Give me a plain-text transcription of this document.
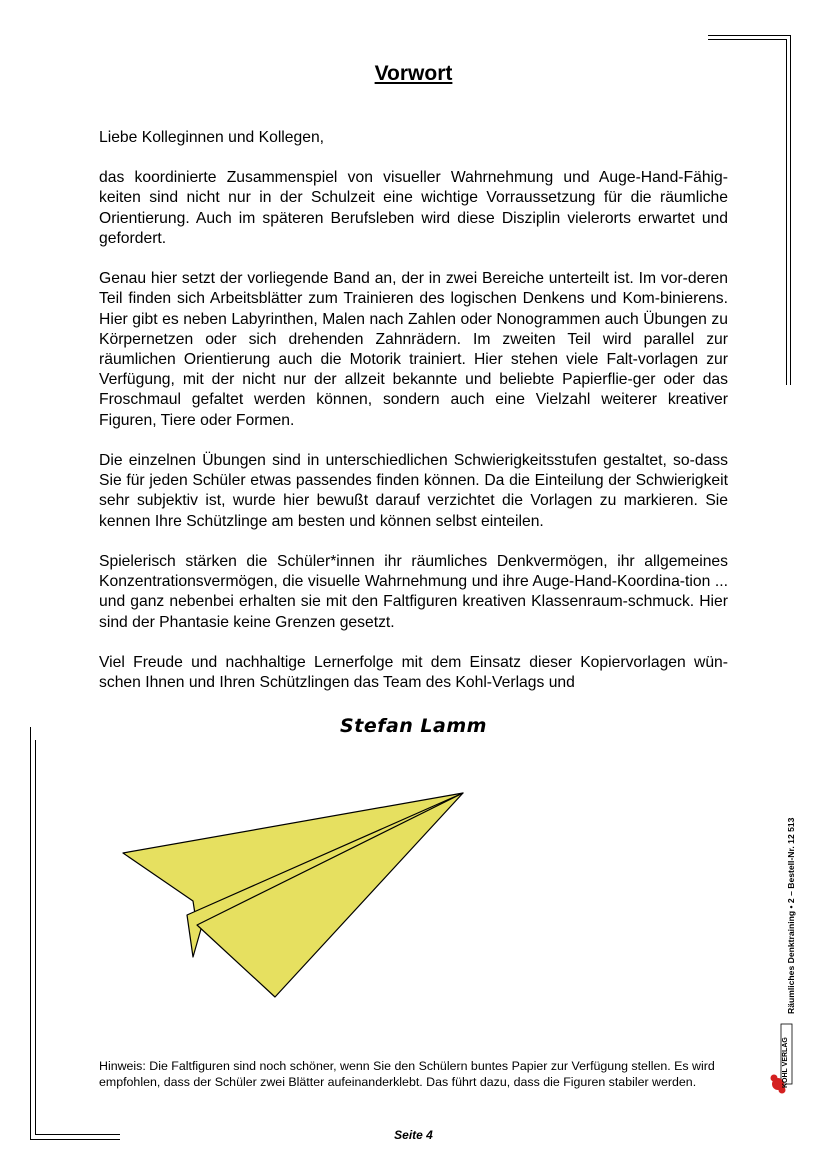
Vorwort

Liebe Kolleginnen und Kollegen,

das koordinierte Zusammenspiel von visueller Wahrnehmung und Auge-Hand-Fähig-keiten sind nicht nur in der Schulzeit eine wichtige Vorraussetzung für die räumliche Orientierung. Auch im späteren Berufsleben wird diese Disziplin vielerorts erwartet und gefordert.

Genau hier setzt der vorliegende Band an, der in zwei Bereiche unterteilt ist. Im vor-deren Teil finden sich Arbeitsblätter zum Trainieren des logischen Denkens und Kom-binierens. Hier gibt es neben Labyrinthen, Malen nach Zahlen oder Nonogrammen auch Übungen zu Körpernetzen oder sich drehenden Zahnrädern. Im zweiten Teil wird parallel zur räumlichen Orientierung auch die Motorik trainiert. Hier stehen viele Falt-vorlagen zur Verfügung, mit der nicht nur der allzeit bekannte und beliebte Papierflie-ger oder das Froschmaul gefaltet werden können, sondern auch eine Vielzahl weiterer kreativer Figuren, Tiere oder Formen.

Die einzelnen Übungen sind in unterschiedlichen Schwierigkeitsstufen gestaltet, so-dass Sie für jeden Schüler etwas passendes finden können. Da die Einteilung der Schwierigkeit sehr subjektiv ist, wurde hier bewußt darauf verzichtet die Vorlagen zu markieren. Sie kennen Ihre Schützlinge am besten und können selbst einteilen.

Spielerisch stärken die Schüler*innen ihr räumliches Denkvermögen, ihr allgemeines Konzentrationsvermögen, die visuelle Wahrnehmung und ihre Auge-Hand-Koordina-tion ... und ganz nebenbei erhalten sie mit den Faltfiguren kreativen Klassenraum-schmuck. Hier sind der Phantasie keine Grenzen gesetzt.

Viel Freude und nachhaltige Lernerfolge mit dem Einsatz dieser Kopiervorlagen wün-schen Ihnen und Ihren Schützlingen das Team des Kohl-Verlags und

Stefan Lamm
Hinweis: Die Faltfiguren sind noch schöner, wenn Sie den Schülern buntes Papier zur Verfügung stellen. Es wird empfohlen, dass der Schüler zwei Blätter aufeinanderklebt. Das führt dazu, dass die Figuren stabiler werden.
Seite 4
Räumliches Denktraining • 2 – Bestell-Nr. 12 513
KOHL VERLAG
